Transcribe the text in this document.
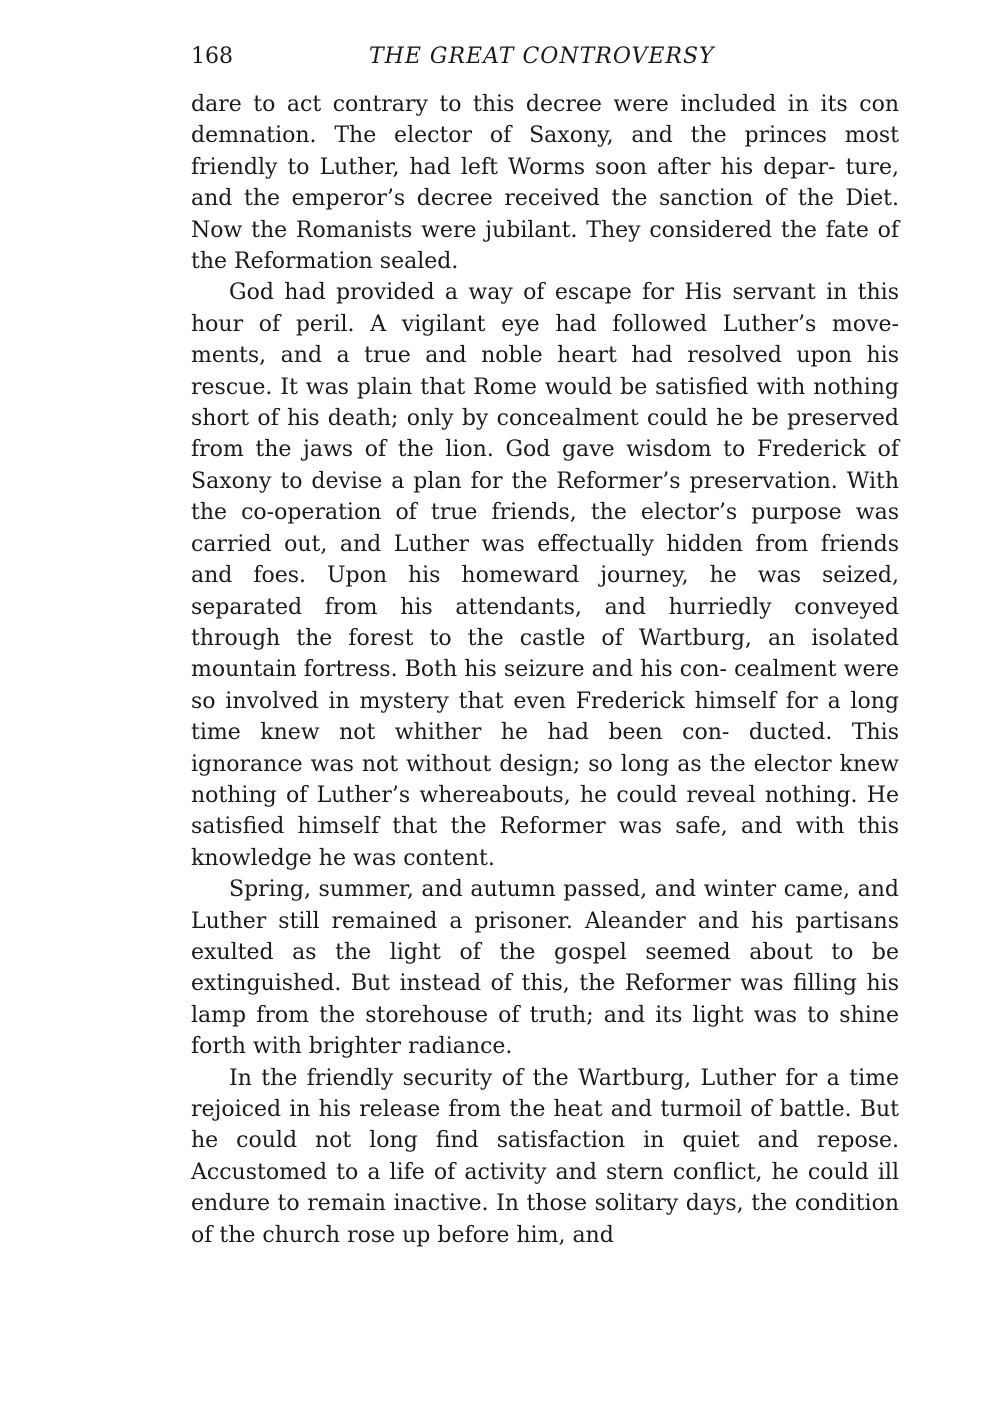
168	THE GREAT CONTROVERSY

dare to act contrary to this decree were included in its con demnation. The elector of Saxony, and the princes most friendly to Luther, had left Worms soon after his depar- ture, and the emperor’s decree received the sanction of the Diet. Now the Romanists were jubilant. They considered the fate of the Reformation sealed.

God had provided a way of escape for His servant in this hour of peril. A vigilant eye had followed Luther’s move- ments, and a true and noble heart had resolved upon his rescue. It was plain that Rome would be satisfied with nothing short of his death; only by concealment could he be preserved from the jaws of the lion. God gave wisdom to Frederick of Saxony to devise a plan for the Reformer’s preservation. With the co-operation of true friends, the elector’s purpose was carried out, and Luther was effectually hidden from friends and foes. Upon his homeward journey, he was seized, separated from his attendants, and hurriedly conveyed through the forest to the castle of Wartburg, an isolated mountain fortress. Both his seizure and his con- cealment were so involved in mystery that even Frederick himself for a long time knew not whither he had been con- ducted. This ignorance was not without design; so long as the elector knew nothing of Luther’s whereabouts, he could reveal nothing. He satisfied himself that the Reformer was safe, and with this knowledge he was content.

Spring, summer, and autumn passed, and winter came, and Luther still remained a prisoner. Aleander and his partisans exulted as the light of the gospel seemed about to be extinguished. But instead of this, the Reformer was filling his lamp from the storehouse of truth; and its light was to shine forth with brighter radiance.

In the friendly security of the Wartburg, Luther for a time rejoiced in his release from the heat and turmoil of battle. But he could not long find satisfaction in quiet and repose. Accustomed to a life of activity and stern conflict, he could ill endure to remain inactive. In those solitary days, the condition of the church rose up before him, and
